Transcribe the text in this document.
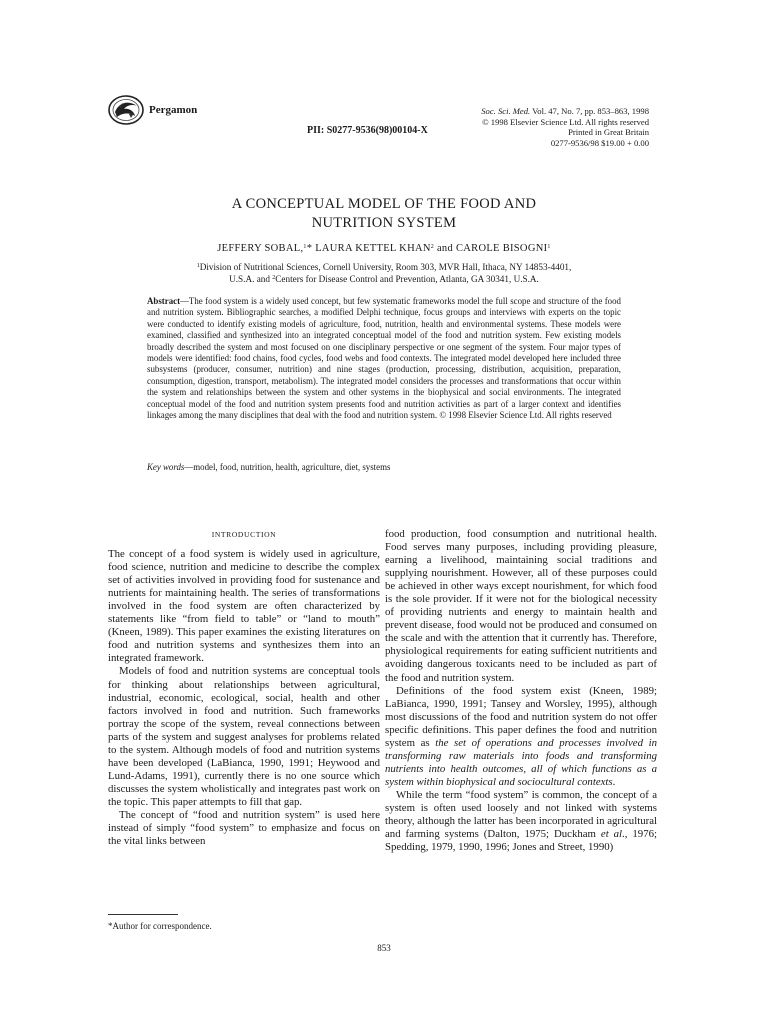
Pergamon
PII: S0277-9536(98)00104-X
Soc. Sci. Med. Vol. 47, No. 7, pp. 853–863, 1998
© 1998 Elsevier Science Ltd. All rights reserved
Printed in Great Britain
0277-9536/98 $19.00 + 0.00
A CONCEPTUAL MODEL OF THE FOOD AND
NUTRITION SYSTEM
JEFFERY SOBAL,$^1$* LAURA KETTEL KHAN$^2$ and CAROLE BISOGNI$^1$
$^1$Division of Nutritional Sciences, Cornell University, Room 303, MVR Hall, Ithaca, NY 14853-4401,
U.S.A. and $^2$Centers for Disease Control and Prevention, Atlanta, GA 30341, U.S.A.
Abstract—The food system is a widely used concept, but few systematic frameworks model the full scope and structure of the food and nutrition system. Bibliographic searches, a modified Delphi technique, focus groups and interviews with experts on the topic were conducted to identify existing models of agriculture, food, nutrition, health and environmental systems. These models were examined, classified and synthesized into an integrated conceptual model of the food and nutrition system. Few existing models broadly described the system and most focused on one disciplinary perspective or one segment of the system. Four major types of models were identified: food chains, food cycles, food webs and food contexts. The integrated model developed here included three subsystems (producer, consumer, nutrition) and nine stages (production, processing, distribution, acquisition, preparation, consumption, digestion, transport, metabolism). The integrated model considers the processes and transformations that occur within the system and relationships between the system and other systems in the biophysical and social environments. The integrated conceptual model of the food and nutrition system presents food and nutrition activities as part of a larger context and identifies linkages among the many disciplines that deal with the food and nutrition system. © 1998 Elsevier Science Ltd. All rights reserved
Key words—model, food, nutrition, health, agriculture, diet, systems
INTRODUCTION

The concept of a food system is widely used in agriculture, food science, nutrition and medicine to describe the complex set of activities involved in providing food for sustenance and nutrients for maintaining health. The series of transformations involved in the food system are often characterized by statements like “from field to table” or “land to mouth” (Kneen, 1989). This paper examines the existing literatures on food and nutrition systems and synthesizes them into an integrated framework.

Models of food and nutrition systems are conceptual tools for thinking about relationships between agricultural, industrial, economic, ecological, social, health and other factors involved in food and nutrition. Such frameworks portray the scope of the system, reveal connections between parts of the system and suggest analyses for problems related to the system. Although models of food and nutrition systems have been developed (LaBianca, 1990, 1991; Heywood and Lund-Adams, 1991), currently there is no one source which discusses the system wholistically and integrates past work on the topic. This paper attempts to fill that gap.

The concept of “food and nutrition system” is used here instead of simply “food system” to emphasize and focus on the vital links between

food production, food consumption and nutritional health. Food serves many purposes, including providing pleasure, earning a livelihood, maintaining social traditions and supplying nourishment. However, all of these purposes could be achieved in other ways except nourishment, for which food is the sole provider. If it were not for the biological necessity of providing nutrients and energy to maintain health and prevent disease, food would not be produced and consumed on the scale and with the attention that it currently has. Therefore, physiological requirements for eating sufficient nutritients and avoiding dangerous toxicants need to be included as part of the food and nutrition system.

Definitions of the food system exist (Kneen, 1989; LaBianca, 1990, 1991; Tansey and Worsley, 1995), although most discussions of the food and nutrition system do not offer specific definitions. This paper defines the food and nutrition system as the set of operations and processes involved in transforming raw materials into foods and transforming nutrients into health outcomes, all of which functions as a system within biophysical and sociocultural contexts.

While the term “food system” is common, the concept of a system is often used loosely and not linked with systems theory, although the latter has been incorporated in agricultural and farming systems (Dalton, 1975; Duckham et al., 1976; Spedding, 1979, 1990, 1996; Jones and Street, 1990)

*Author for correspondence.
853
